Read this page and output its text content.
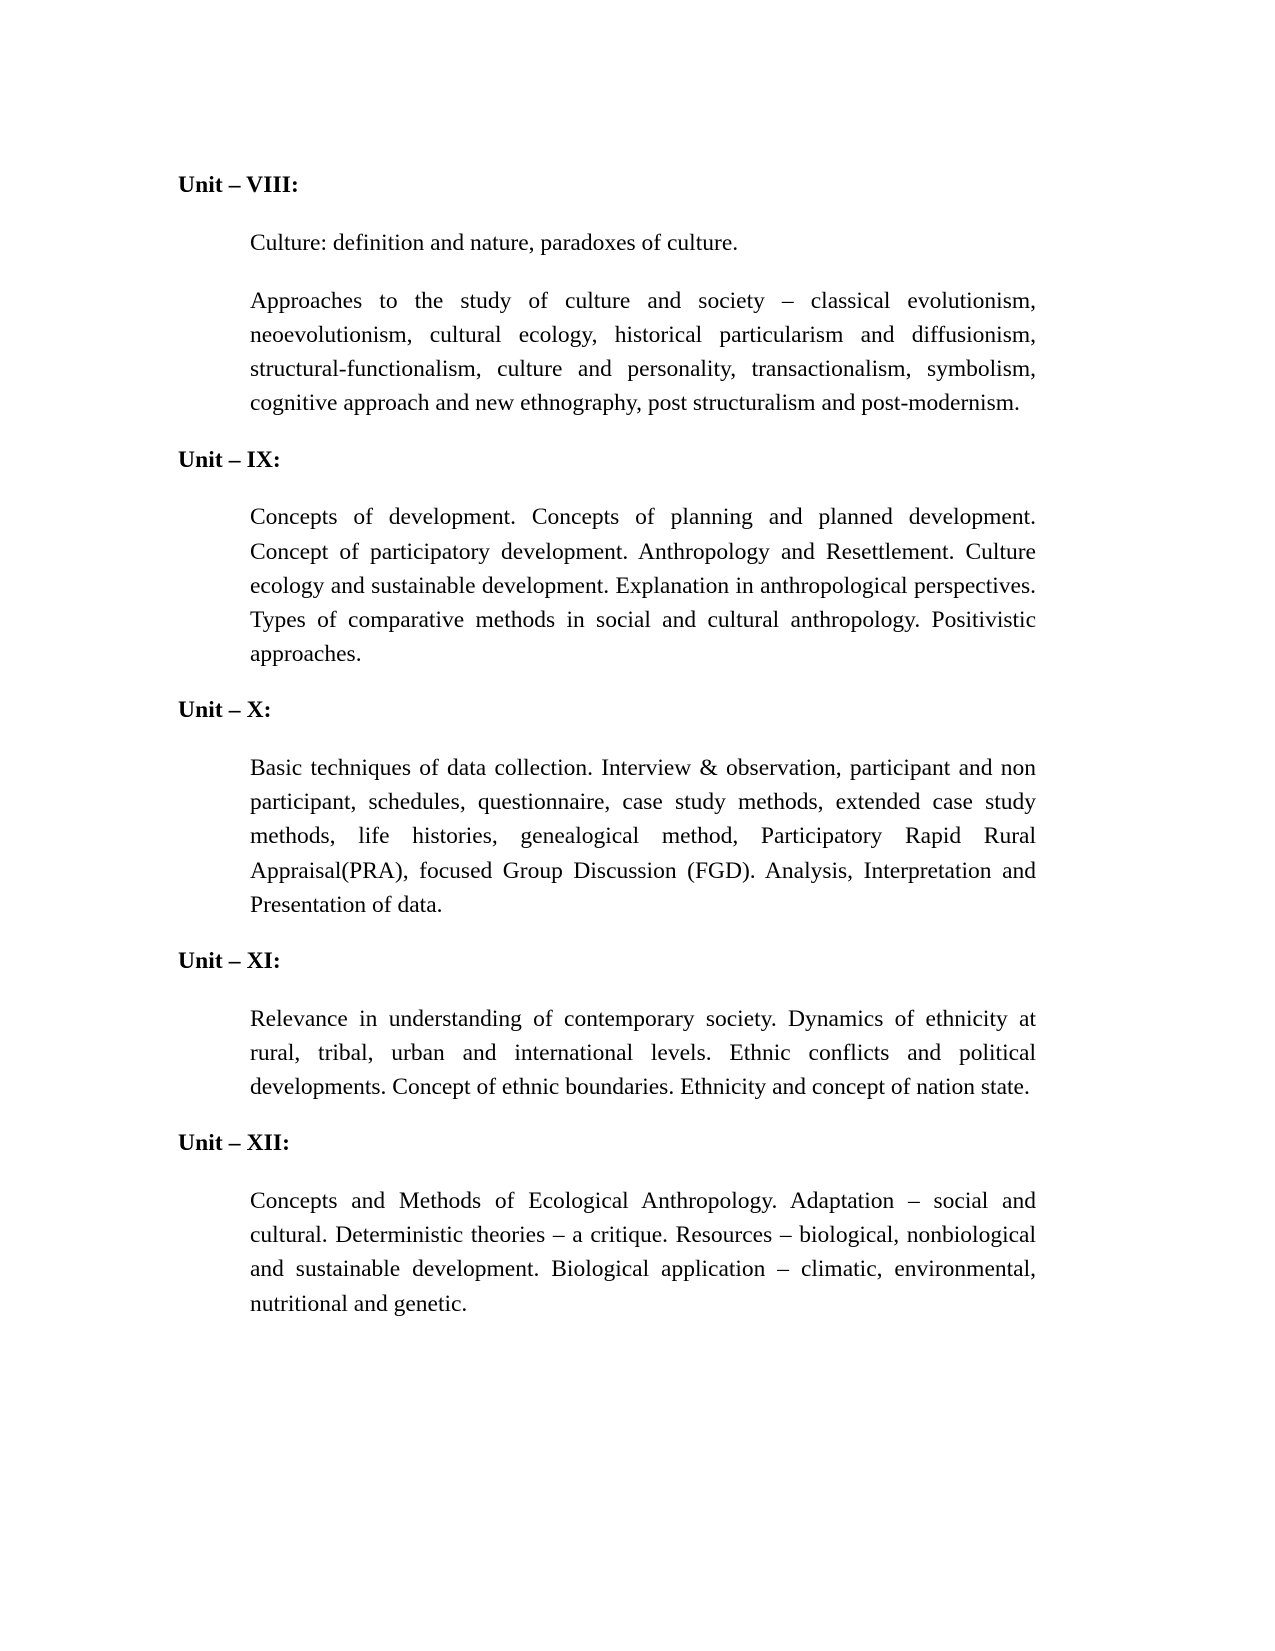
Unit – VIII:

Culture: definition and nature, paradoxes of culture.

Approaches to the study of culture and society – classical evolutionism, neoevolutionism, cultural ecology, historical particularism and diffusionism, structural-functionalism, culture and personality, transactionalism, symbolism, cognitive approach and new ethnography, post structuralism and post-modernism.

Unit – IX:

Concepts of development. Concepts of planning and planned development. Concept of participatory development. Anthropology and Resettlement. Culture ecology and sustainable development. Explanation in anthropological perspectives. Types of comparative methods in social and cultural anthropology. Positivistic approaches.

Unit – X:

Basic techniques of data collection. Interview & observation, participant and non participant, schedules, questionnaire, case study methods, extended case study methods, life histories, genealogical method, Participatory Rapid Rural Appraisal(PRA), focused Group Discussion (FGD). Analysis, Interpretation and Presentation of data.

Unit – XI:

Relevance in understanding of contemporary society. Dynamics of ethnicity at rural, tribal, urban and international levels. Ethnic conflicts and political developments. Concept of ethnic boundaries. Ethnicity and concept of nation state.

Unit – XII:

Concepts and Methods of Ecological Anthropology. Adaptation – social and cultural. Deterministic theories – a critique. Resources – biological, nonbiological and sustainable development. Biological application – climatic, environmental, nutritional and genetic.
